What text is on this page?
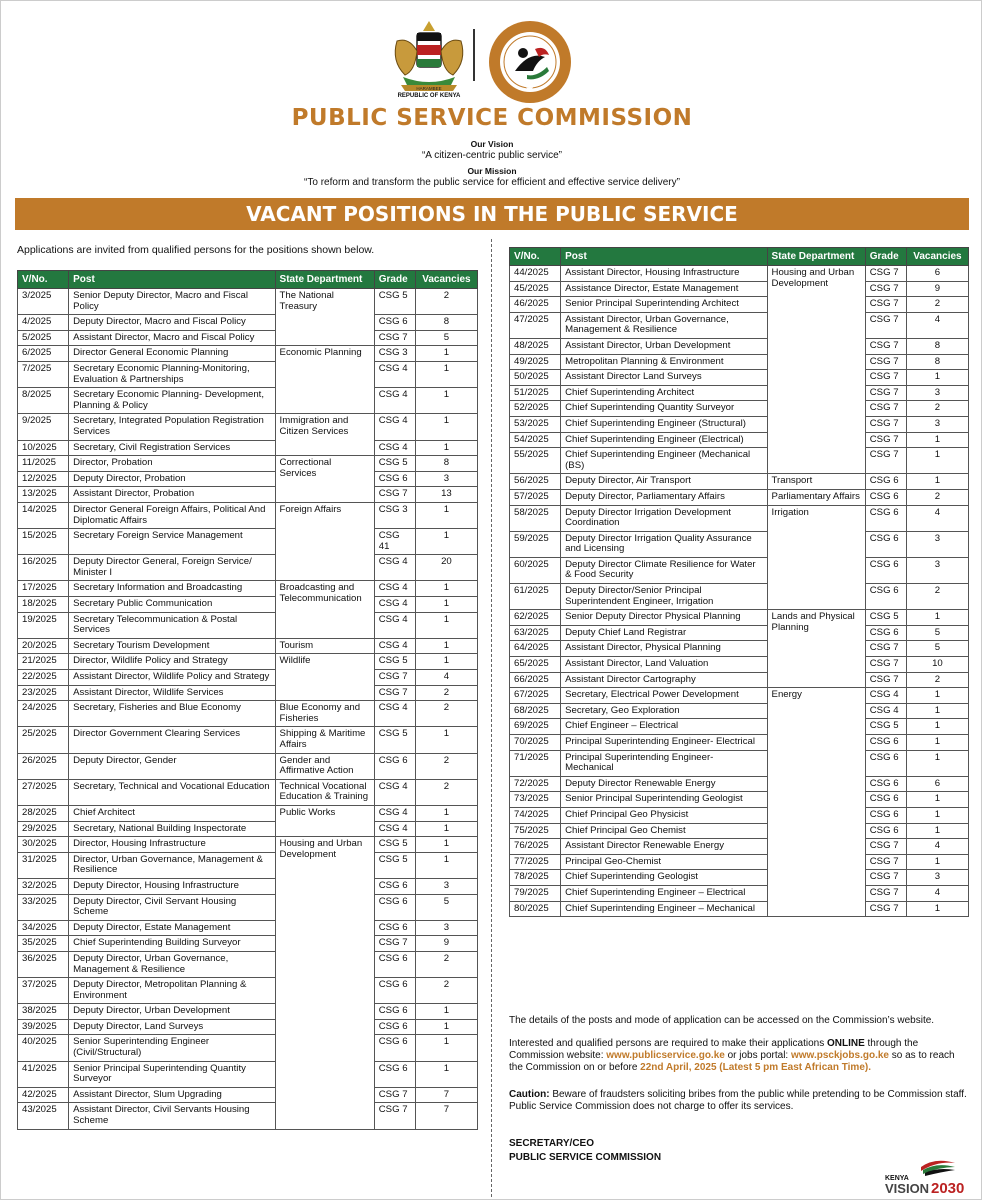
HARAMBEE
REPUBLIC OF KENYA
PUBLIC SERVICE COMMISSION
Our Vision
“A citizen-centric public service”
Our Mission
“To reform and transform the public service for efficient and effective service delivery”
VACANT POSITIONS IN THE PUBLIC SERVICE
Applications are invited from qualified persons for the positions shown below.
V/No.	Post	State Department	Grade	Vacancies
3/2025	Senior Deputy Director, Macro and Fiscal Policy	The National Treasury	CSG 5	2
4/2025	Deputy Director, Macro and Fiscal Policy		CSG 6	8
5/2025	Assistant Director, Macro and Fiscal Policy		CSG 7	5
6/2025	Director General Economic Planning	Economic Planning	CSG 3	1
7/2025	Secretary Economic Planning-Monitoring, Evaluation & Partnerships		CSG 4	1
8/2025	Secretary Economic Planning- Development, Planning & Policy		CSG 4	1
9/2025	Secretary, Integrated Population Registration Services	Immigration and Citizen Services	CSG 4	1
10/2025	Secretary, Civil Registration Services		CSG 4	1
11/2025	Director, Probation	Correctional Services	CSG 5	8
12/2025	Deputy Director, Probation		CSG 6	3
13/2025	Assistant Director, Probation		CSG 7	13
14/2025	Director General Foreign Affairs, Political And Diplomatic Affairs	Foreign Affairs	CSG 3	1
15/2025	Secretary Foreign Service Management		CSG 41	1
16/2025	Deputy Director General, Foreign Service/ Minister I		CSG 4	20
17/2025	Secretary Information and Broadcasting	Broadcasting and Telecommunication	CSG 4	1
18/2025	Secretary Public Communication		CSG 4	1
19/2025	Secretary Telecommunication & Postal Services		CSG 4	1
20/2025	Secretary Tourism Development	Tourism	CSG 4	1
21/2025	Director, Wildlife Policy and Strategy	Wildlife	CSG 5	1
22/2025	Assistant Director, Wildlife Policy and Strategy		CSG 7	4
23/2025	Assistant Director, Wildlife Services		CSG 7	2
24/2025	Secretary, Fisheries and Blue Economy	Blue Economy and Fisheries	CSG 4	2
25/2025	Director Government Clearing Services	Shipping & Maritime Affairs	CSG 5	1
26/2025	Deputy Director, Gender	Gender and Affirmative Action	CSG 6	2
27/2025	Secretary, Technical and Vocational Education	Technical Vocational Education & Training	CSG 4	2
28/2025	Chief Architect	Public Works	CSG 4	1
29/2025	Secretary, National Building Inspectorate		CSG 4	1
30/2025	Director, Housing Infrastructure	Housing and Urban Development	CSG 5	1
31/2025	Director, Urban Governance, Management & Resilience		CSG 5	1
32/2025	Deputy Director, Housing Infrastructure		CSG 6	3
33/2025	Deputy Director, Civil Servant Housing Scheme		CSG 6	5
34/2025	Deputy Director, Estate Management		CSG 6	3
35/2025	Chief Superintending Building Surveyor		CSG 7	9
36/2025	Deputy Director, Urban Governance, Management & Resilience		CSG 6	2
37/2025	Deputy Director, Metropolitan Planning & Environment		CSG 6	2
38/2025	Deputy Director, Urban Development		CSG 6	1
39/2025	Deputy Director, Land Surveys		CSG 6	1
40/2025	Senior Superintending Engineer (Civil/Structural)		CSG 6	1
41/2025	Senior Principal Superintending Quantity Surveyor		CSG 6	1
42/2025	Assistant Director, Slum Upgrading		CSG 7	7
43/2025	Assistant Director, Civil Servants Housing Scheme		CSG 7	7
V/No.	Post	State Department	Grade	Vacancies
44/2025	Assistant Director, Housing Infrastructure	Housing and Urban Development	CSG 7	6
45/2025	Assistance Director, Estate Management		CSG 7	9
46/2025	Senior Principal Superintending Architect		CSG 7	2
47/2025	Assistant Director, Urban Governance, Management & Resilience		CSG 7	4
48/2025	Assistant Director, Urban Development		CSG 7	8
49/2025	Metropolitan Planning & Environment		CSG 7	8
50/2025	Assistant Director Land Surveys		CSG 7	1
51/2025	Chief Superintending Architect		CSG 7	3
52/2025	Chief Superintending Quantity Surveyor		CSG 7	2
53/2025	Chief Superintending Engineer (Structural)		CSG 7	3
54/2025	Chief Superintending Engineer (Electrical)		CSG 7	1
55/2025	Chief Superintending Engineer (Mechanical (BS)		CSG 7	1
56/2025	Deputy Director, Air Transport	Transport	CSG 6	1
57/2025	Deputy Director, Parliamentary Affairs	Parliamentary Affairs	CSG 6	2
58/2025	Deputy Director Irrigation Development Coordination	Irrigation	CSG 6	4
59/2025	Deputy Director Irrigation Quality Assurance and Licensing		CSG 6	3
60/2025	Deputy Director Climate Resilience for Water & Food Security		CSG 6	3
61/2025	Deputy Director/Senior Principal Superintendent Engineer, Irrigation		CSG 6	2
62/2025	Senior Deputy Director Physical Planning	Lands and Physical Planning	CSG 5	1
63/2025	Deputy Chief Land Registrar		CSG 6	5
64/2025	Assistant Director, Physical Planning		CSG 7	5
65/2025	Assistant Director, Land Valuation		CSG 7	10
66/2025	Assistant Director Cartography		CSG 7	2
67/2025	Secretary, Electrical Power Development	Energy	CSG 4	1
68/2025	Secretary, Geo Exploration		CSG 4	1
69/2025	Chief Engineer – Electrical		CSG 5	1
70/2025	Principal Superintending Engineer- Electrical		CSG 6	1
71/2025	Principal Superintending Engineer- Mechanical		CSG 6	1
72/2025	Deputy Director Renewable Energy		CSG 6	6
73/2025	Senior Principal Superintending Geologist		CSG 6	1
74/2025	Chief Principal Geo Physicist		CSG 6	1
75/2025	Chief Principal Geo Chemist		CSG 6	1
76/2025	Assistant Director Renewable Energy		CSG 7	4
77/2025	Principal Geo-Chemist		CSG 7	1
78/2025	Chief Superintending Geologist		CSG 7	3
79/2025	Chief Superintending Engineer – Electrical		CSG 7	4
80/2025	Chief Superintending Engineer – Mechanical		CSG 7	1
The details of the posts and mode of application can be accessed on the Commission’s website.
Interested and qualified persons are required to make their applications ONLINE through the Commission website: www.publicservice.go.ke or jobs portal: www.psckjobs.go.ke so as to reach the Commission on or before 22nd April, 2025 (Latest 5 pm East African Time).
Caution: Beware of fraudsters soliciting bribes from the public while pretending to be Commission staff. Public Service Commission does not charge to offer its services.
SECRETARY/CEO
PUBLIC SERVICE COMMISSION
KENYA
VISION 2030
